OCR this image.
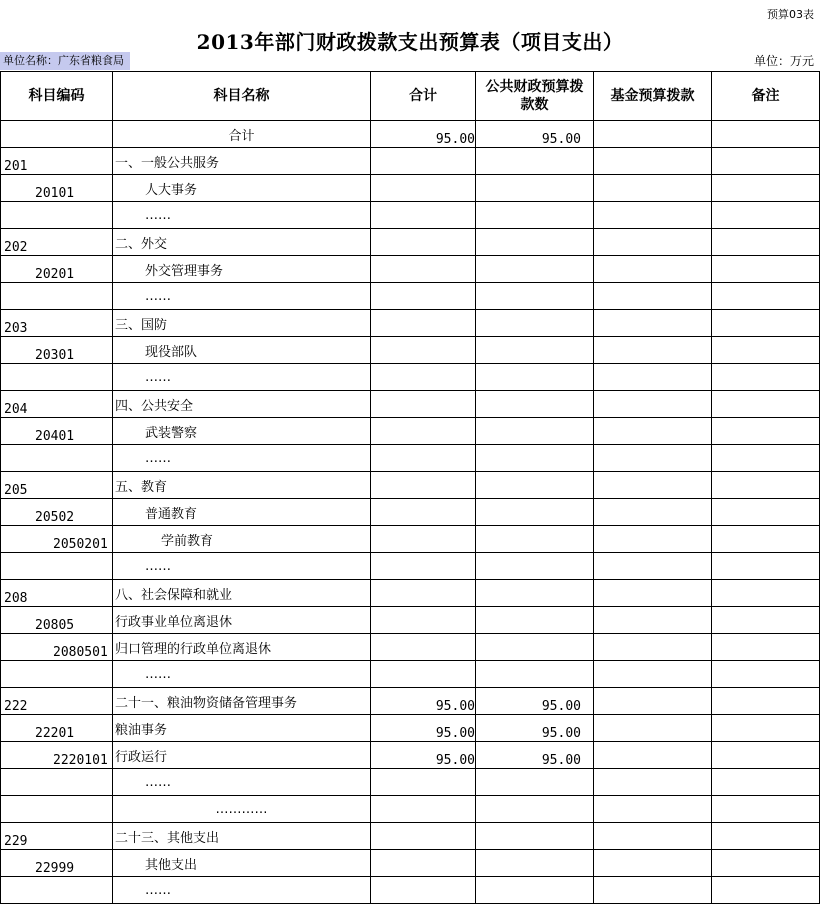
预算03表
2013年部门财政拨款支出预算表（项目支出）
单位名称：广东省粮食局	单位：万元
科目编码	科目名称	合计	公共财政预算拨款数	基金预算拨款	备注
	合计	95.00	95.00		
201	一、一般公共服务				
20101	人大事务				
	……				
202	二、外交				
20201	外交管理事务				
	……				
203	三、国防				
20301	现役部队				
	……				
204	四、公共安全				
20401	武装警察				
	……				
205	五、教育				
20502	普通教育				
2050201	学前教育				
	……				
208	八、社会保障和就业				
20805	行政事业单位离退休				
2080501	归口管理的行政单位离退休				
	……				
222	二十一、粮油物资储备管理事务	95.00	95.00		
22201	粮油事务	95.00	95.00		
2220101	行政运行	95.00	95.00		
	……				
	…………				
229	二十三、其他支出				
22999	其他支出				
	……				
